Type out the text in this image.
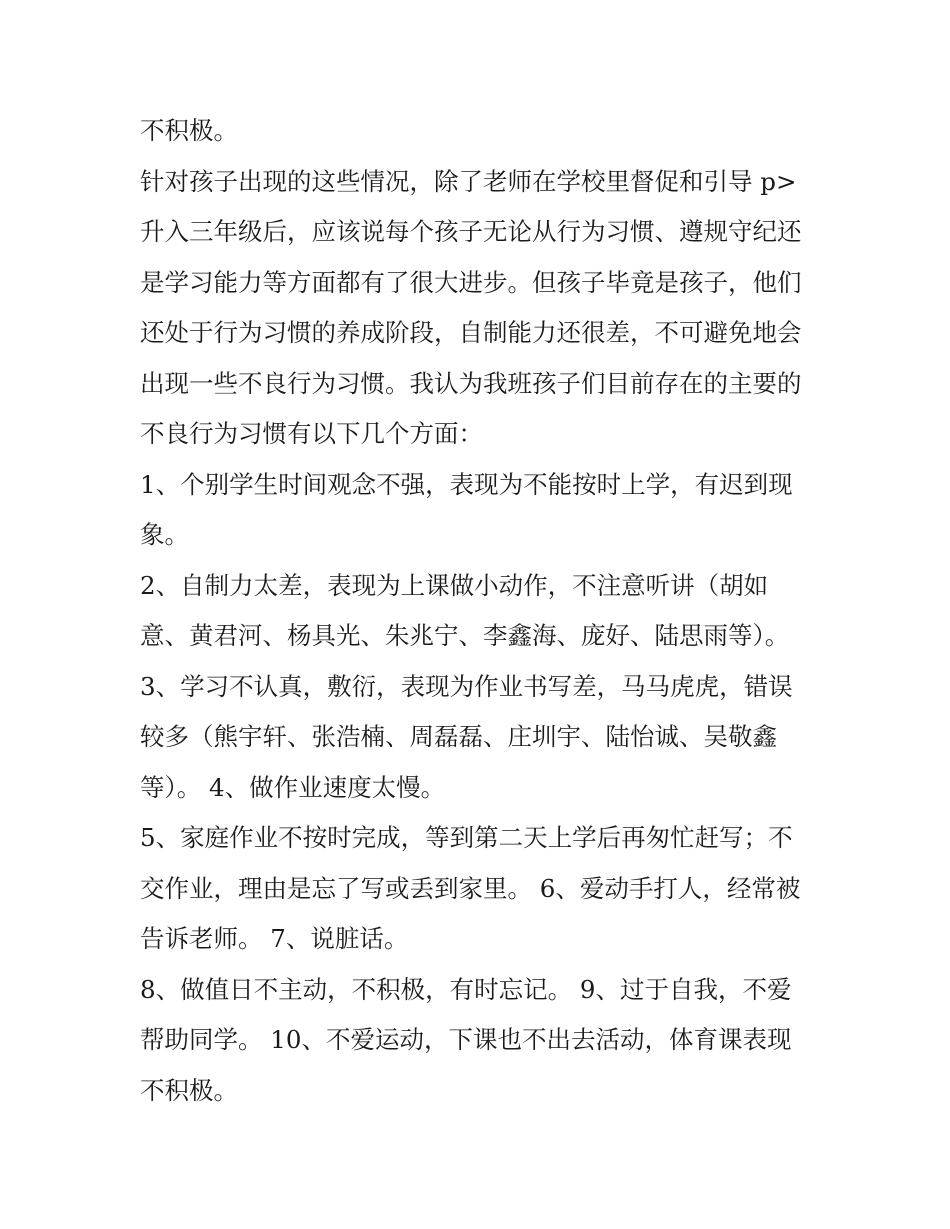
不积极。
针对孩子出现的这些情况，除了老师在学校里督促和引导 p>
升入三年级后，应该说每个孩子无论从行为习惯、遵规守纪还
是学习能力等方面都有了很大进步。但孩子毕竟是孩子，他们
还处于行为习惯的养成阶段，自制能力还很差，不可避免地会
出现一些不良行为习惯。我认为我班孩子们目前存在的主要的
不良行为习惯有以下几个方面：
1、个别学生时间观念不强，表现为不能按时上学，有迟到现
象。
2、自制力太差，表现为上课做小动作，不注意听讲（胡如
意、黄君河、杨具光、朱兆宁、李鑫海、庞好、陆思雨等）。
3、学习不认真，敷衍，表现为作业书写差，马马虎虎，错误
较多（熊宇轩、张浩楠、周磊磊、庄圳宇、陆怡诚、吴敬鑫
等）。 4、做作业速度太慢。
5、家庭作业不按时完成，等到第二天上学后再匆忙赶写；不
交作业，理由是忘了写或丢到家里。 6、爱动手打人，经常被
告诉老师。 7、说脏话。
8、做值日不主动，不积极，有时忘记。 9、过于自我，不爱
帮助同学。 10、不爱运动，下课也不出去活动，体育课表现
不积极。
